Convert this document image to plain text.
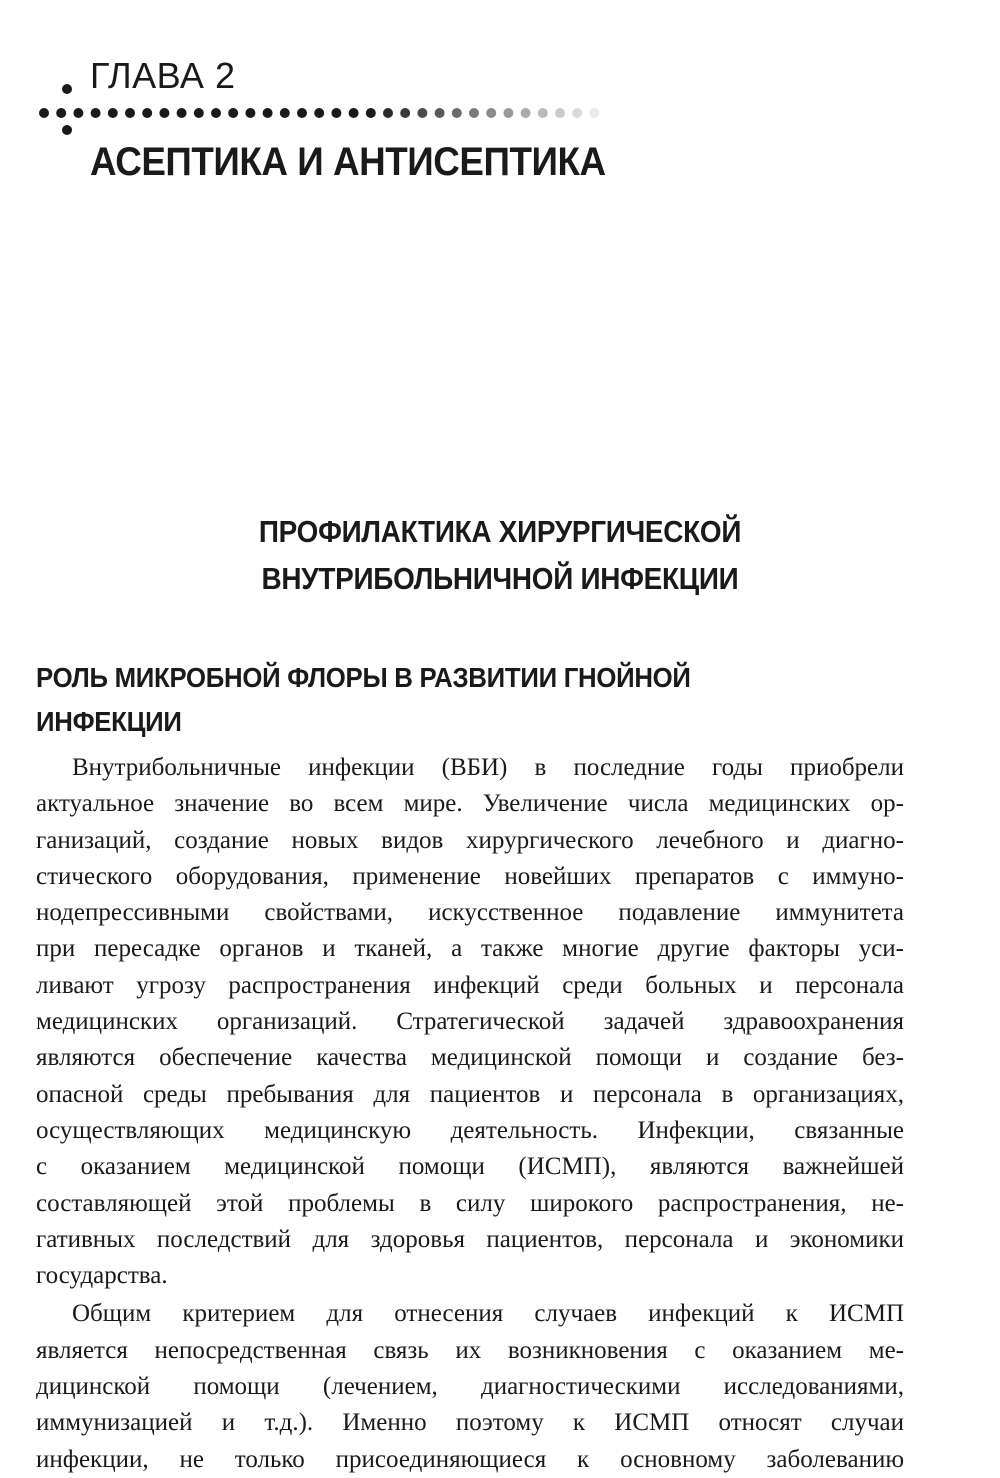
ГЛАВА 2
АСЕПТИКА И АНТИСЕПТИКА
ПРОФИЛАКТИКА ХИРУРГИЧЕСКОЙ
ВНУТРИБОЛЬНИЧНОЙ ИНФЕКЦИИ
РОЛЬ МИКРОБНОЙ ФЛОРЫ В РАЗВИТИИ ГНОЙНОЙ
ИНФЕКЦИИ

Внутрибольничные инфекции (ВБИ) в последние годы приобрели
актуальное значение во всем мире. Увеличение числа медицинских ор-
ганизаций, создание новых видов хирургического лечебного и диагно-
стического оборудования, применение новейших препаратов с иммуно-
нодепрессивными свойствами, искусственное подавление иммунитета
при пересадке органов и тканей, а также многие другие факторы уси-
ливают угрозу распространения инфекций среди больных и персонала
медицинских организаций. Стратегической задачей здравоохранения
являются обеспечение качества медицинской помощи и создание без-
опасной среды пребывания для пациентов и персонала в организациях,
осуществляющих медицинскую деятельность. Инфекции, связанные
с оказанием медицинской помощи (ИСМП), являются важнейшей
составляющей этой проблемы в силу широкого распространения, не-
гативных последствий для здоровья пациентов, персонала и экономики
государства.

Общим критерием для отнесения случаев инфекций к ИСМП
является непосредственная связь их возникновения с оказанием ме-
дицинской помощи (лечением, диагностическими исследованиями,
иммунизацией и т.д.). Именно поэтому к ИСМП относят случаи
инфекции, не только присоединяющиеся к основному заболеванию
